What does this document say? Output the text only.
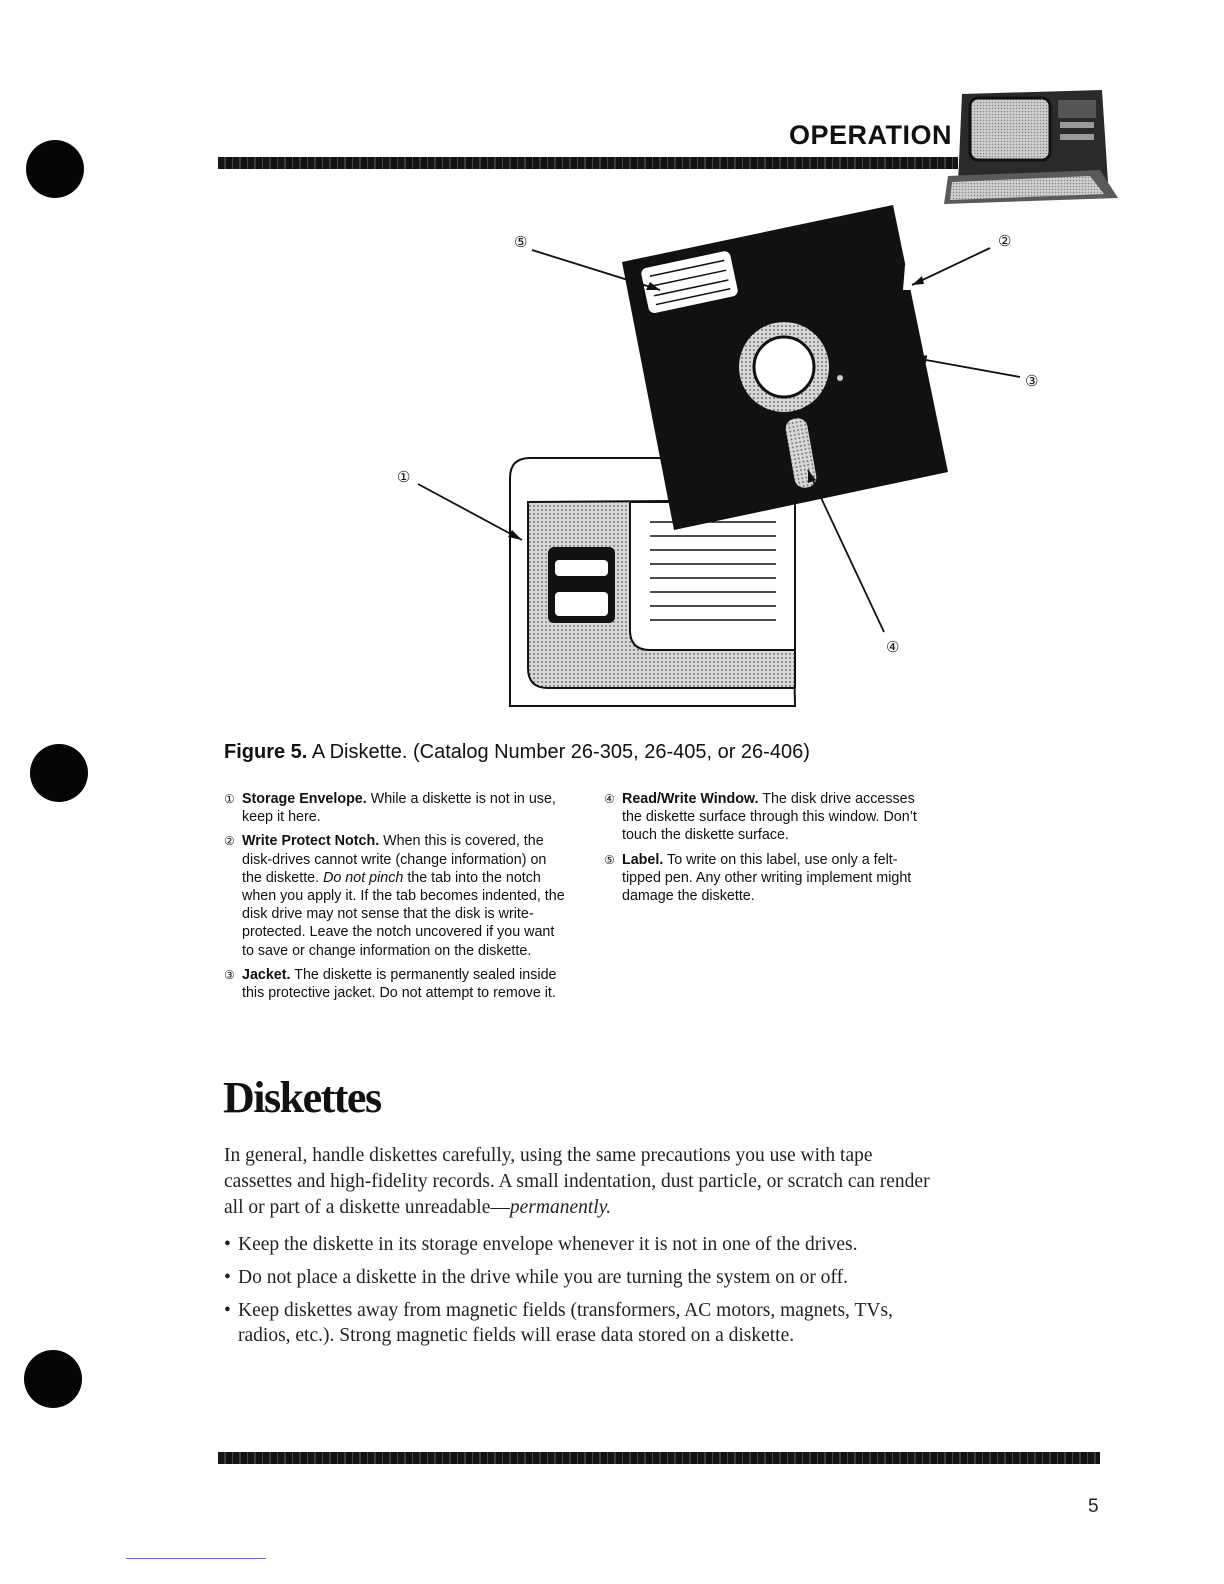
OPERATION
⑤	②
③
①
④
Figure 5. A Diskette. (Catalog Number 26-305, 26-405, or 26-406)
① Storage Envelope. While a diskette is not in use, keep it here.
② Write Protect Notch. When this is covered, the disk-drives cannot write (change information) on the diskette. Do not pinch the tab into the notch when you apply it. If the tab becomes indented, the disk drive may not sense that the disk is write-protected. Leave the notch uncovered if you want to save or change information on the diskette.
③ Jacket. The diskette is permanently sealed inside this protective jacket. Do not attempt to remove it.
④ Read/Write Window. The disk drive accesses the diskette surface through this window. Don’t touch the diskette surface.
⑤ Label. To write on this label, use only a felt-tipped pen. Any other writing implement might damage the diskette.
Diskettes
In general, handle diskettes carefully, using the same precautions you use with tape cassettes and high-fidelity records. A small indentation, dust particle, or scratch can render all or part of a diskette unreadable—permanently.
• Keep the diskette in its storage envelope whenever it is not in one of the drives.
• Do not place a diskette in the drive while you are turning the system on or off.
• Keep diskettes away from magnetic fields (transformers, AC motors, magnets, TVs, radios, etc.). Strong magnetic fields will erase data stored on a diskette.
5
